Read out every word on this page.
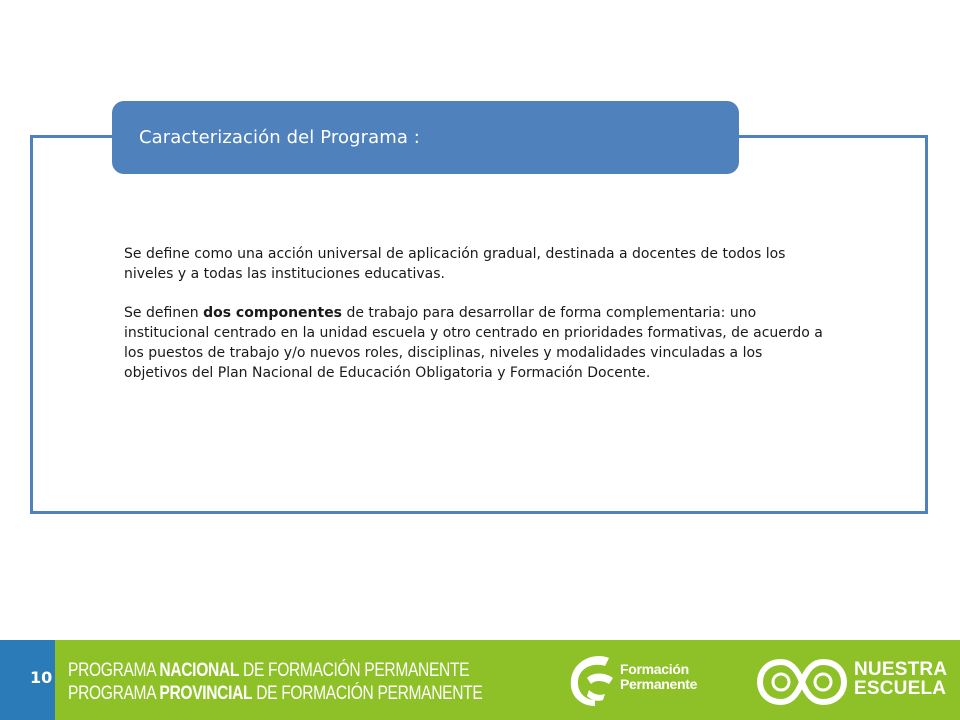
Caracterización del Programa :

Se define como una acción universal de aplicación gradual, destinada a docentes de todos los niveles y a todas las instituciones educativas.

Se definen dos componentes de trabajo para desarrollar de forma complementaria: uno institucional centrado en la unidad escuela y otro centrado en prioridades formativas, de acuerdo a los puestos de trabajo y/o nuevos roles, disciplinas, niveles y modalidades vinculadas a los objetivos del Plan Nacional de Educación Obligatoria y Formación Docente.

10 PROGRAMA NACIONAL DE FORMACIÓN PERMANENTE
PROGRAMA PROVINCIAL DE FORMACIÓN PERMANENTE
Formación
Permanente
NUESTRA
ESCUELA
